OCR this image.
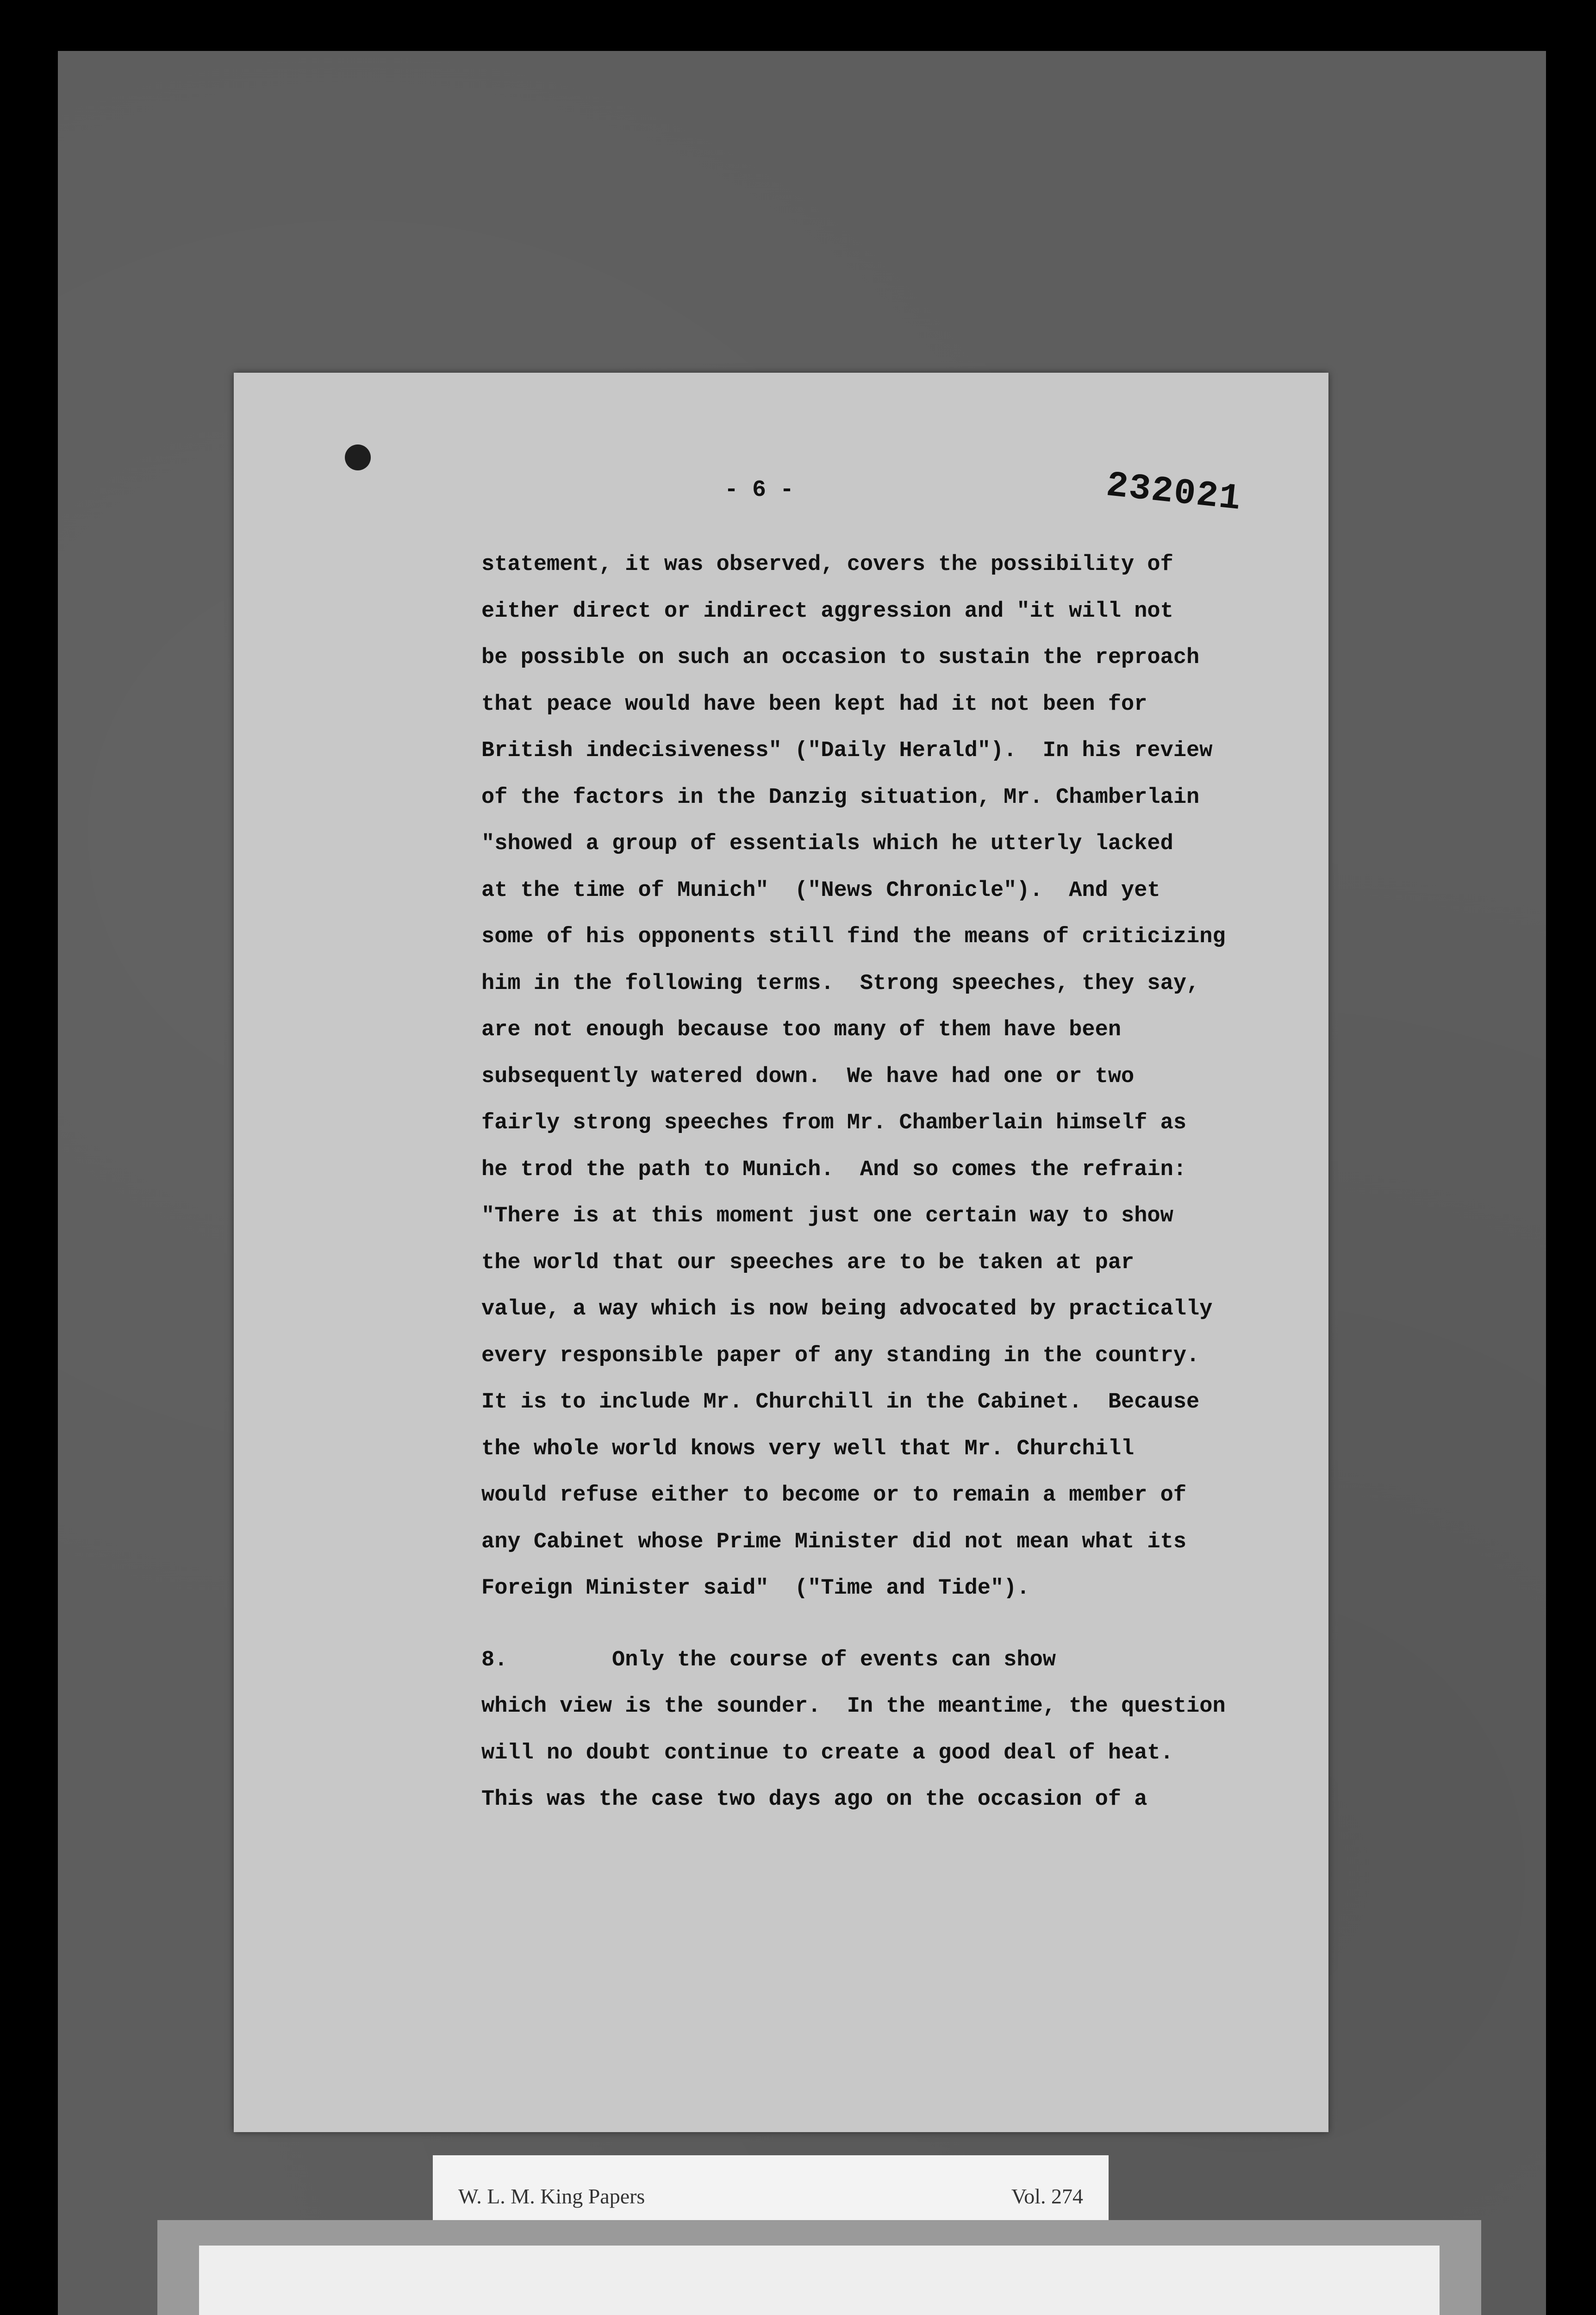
- 6 -	232021
statement, it was observed, covers the possibility of
either direct or indirect aggression and "it will not
be possible on such an occasion to sustain the reproach
that peace would have been kept had it not been for
British indecisiveness" ("Daily Herald").  In his review
of the factors in the Danzig situation, Mr. Chamberlain
"showed a group of essentials which he utterly lacked
at the time of Munich"  ("News Chronicle").  And yet
some of his opponents still find the means of criticizing
him in the following terms.  Strong speeches, they say,
are not enough because too many of them have been
subsequently watered down.  We have had one or two
fairly strong speeches from Mr. Chamberlain himself as
he trod the path to Munich.  And so comes the refrain:
"There is at this moment just one certain way to show
the world that our speeches are to be taken at par
value, a way which is now being advocated by practically
every responsible paper of any standing in the country.
It is to include Mr. Churchill in the Cabinet.  Because
the whole world knows very well that Mr. Churchill
would refuse either to become or to remain a member of
any Cabinet whose Prime Minister did not mean what its
Foreign Minister said"  ("Time and Tide").
8.        Only the course of events can show
which view is the sounder.  In the meantime, the question
will no doubt continue to create a good deal of heat.
This was the case two days ago on the occasion of a
W. L. M. King Papers	Vol. 274
